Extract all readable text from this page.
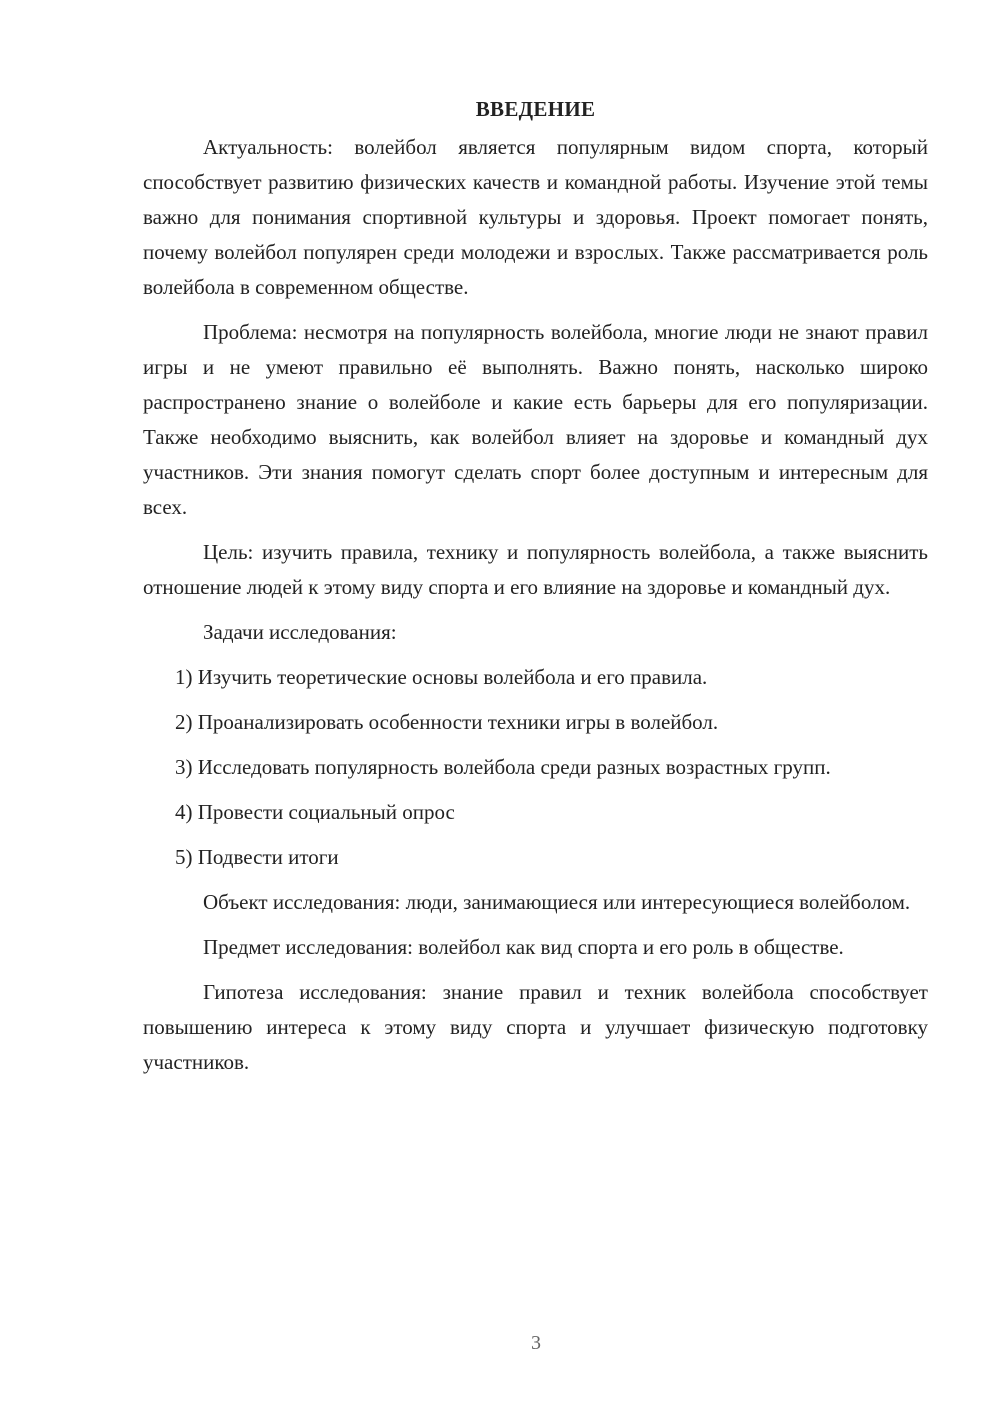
ВВЕДЕНИЕ

Актуальность: волейбол является популярным видом спорта, который способствует развитию физических качеств и командной работы. Изучение этой темы важно для понимания спортивной культуры и здоровья. Проект помогает понять, почему волейбол популярен среди молодежи и взрослых. Также рассматривается роль волейбола в современном обществе.

Проблема: несмотря на популярность волейбола, многие люди не знают правил игры и не умеют правильно её выполнять. Важно понять, насколько широко распространено знание о волейболе и какие есть барьеры для его популяризации. Также необходимо выяснить, как волейбол влияет на здоровье и командный дух участников. Эти знания помогут сделать спорт более доступным и интересным для всех.

Цель: изучить правила, технику и популярность волейбола, а также выяснить отношение людей к этому виду спорта и его влияние на здоровье и командный дух.

Задачи исследования:

1) Изучить теоретические основы волейбола и его правила.

2) Проанализировать особенности техники игры в волейбол.

3) Исследовать популярность волейбола среди разных возрастных групп.

4) Провести социальный опрос

5) Подвести итоги

Объект исследования: люди, занимающиеся или интересующиеся волейболом.

Предмет исследования: волейбол как вид спорта и его роль в обществе.

Гипотеза исследования: знание правил и техник волейбола способствует повышению интереса к этому виду спорта и улучшает физическую подготовку участников.

3
